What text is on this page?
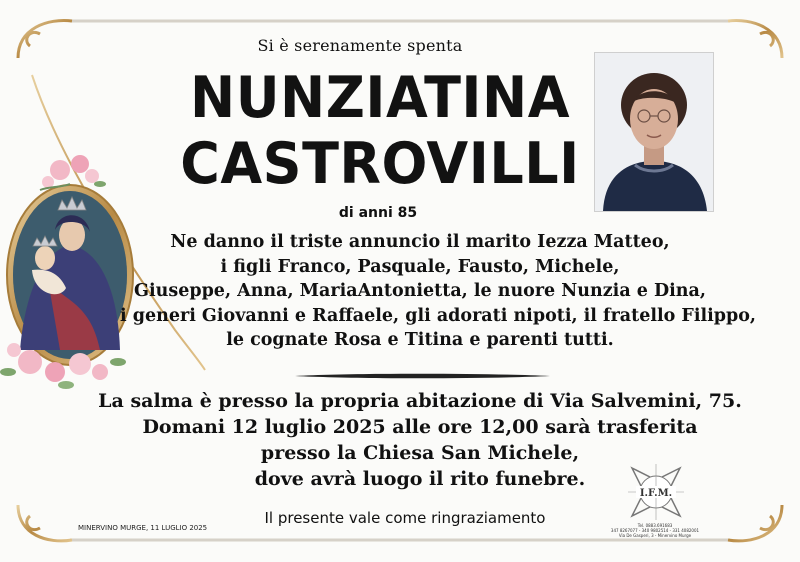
Si è serenamente spenta
NUNZIATINA
CASTROVILLI
di anni 85
Ne danno il triste annuncio il marito Iezza Matteo,
i figli Franco, Pasquale, Fausto, Michele,
Giuseppe, Anna, MariaAntonietta, le nuore Nunzia e Dina,
i generi Giovanni e Raffaele, gli adorati nipoti, il fratello Filippo,
le cognate Rosa e Titina e parenti tutti.
La salma è presso la propria abitazione di Via Salvemini, 75.
Domani 12 luglio 2025 alle ore 12,00 sarà trasferita
presso la Chiesa San Michele,
dove avrà luogo il rito funebre.
Il presente vale come ringraziamento
MINERVINO MURGE, 11 LUGLIO 2025
I.F.M.
Tel. 0883.691683
347 8267077 - 340 9802514 - 331 4082001
Via De Gasperi, 3 - Minervino Murge
